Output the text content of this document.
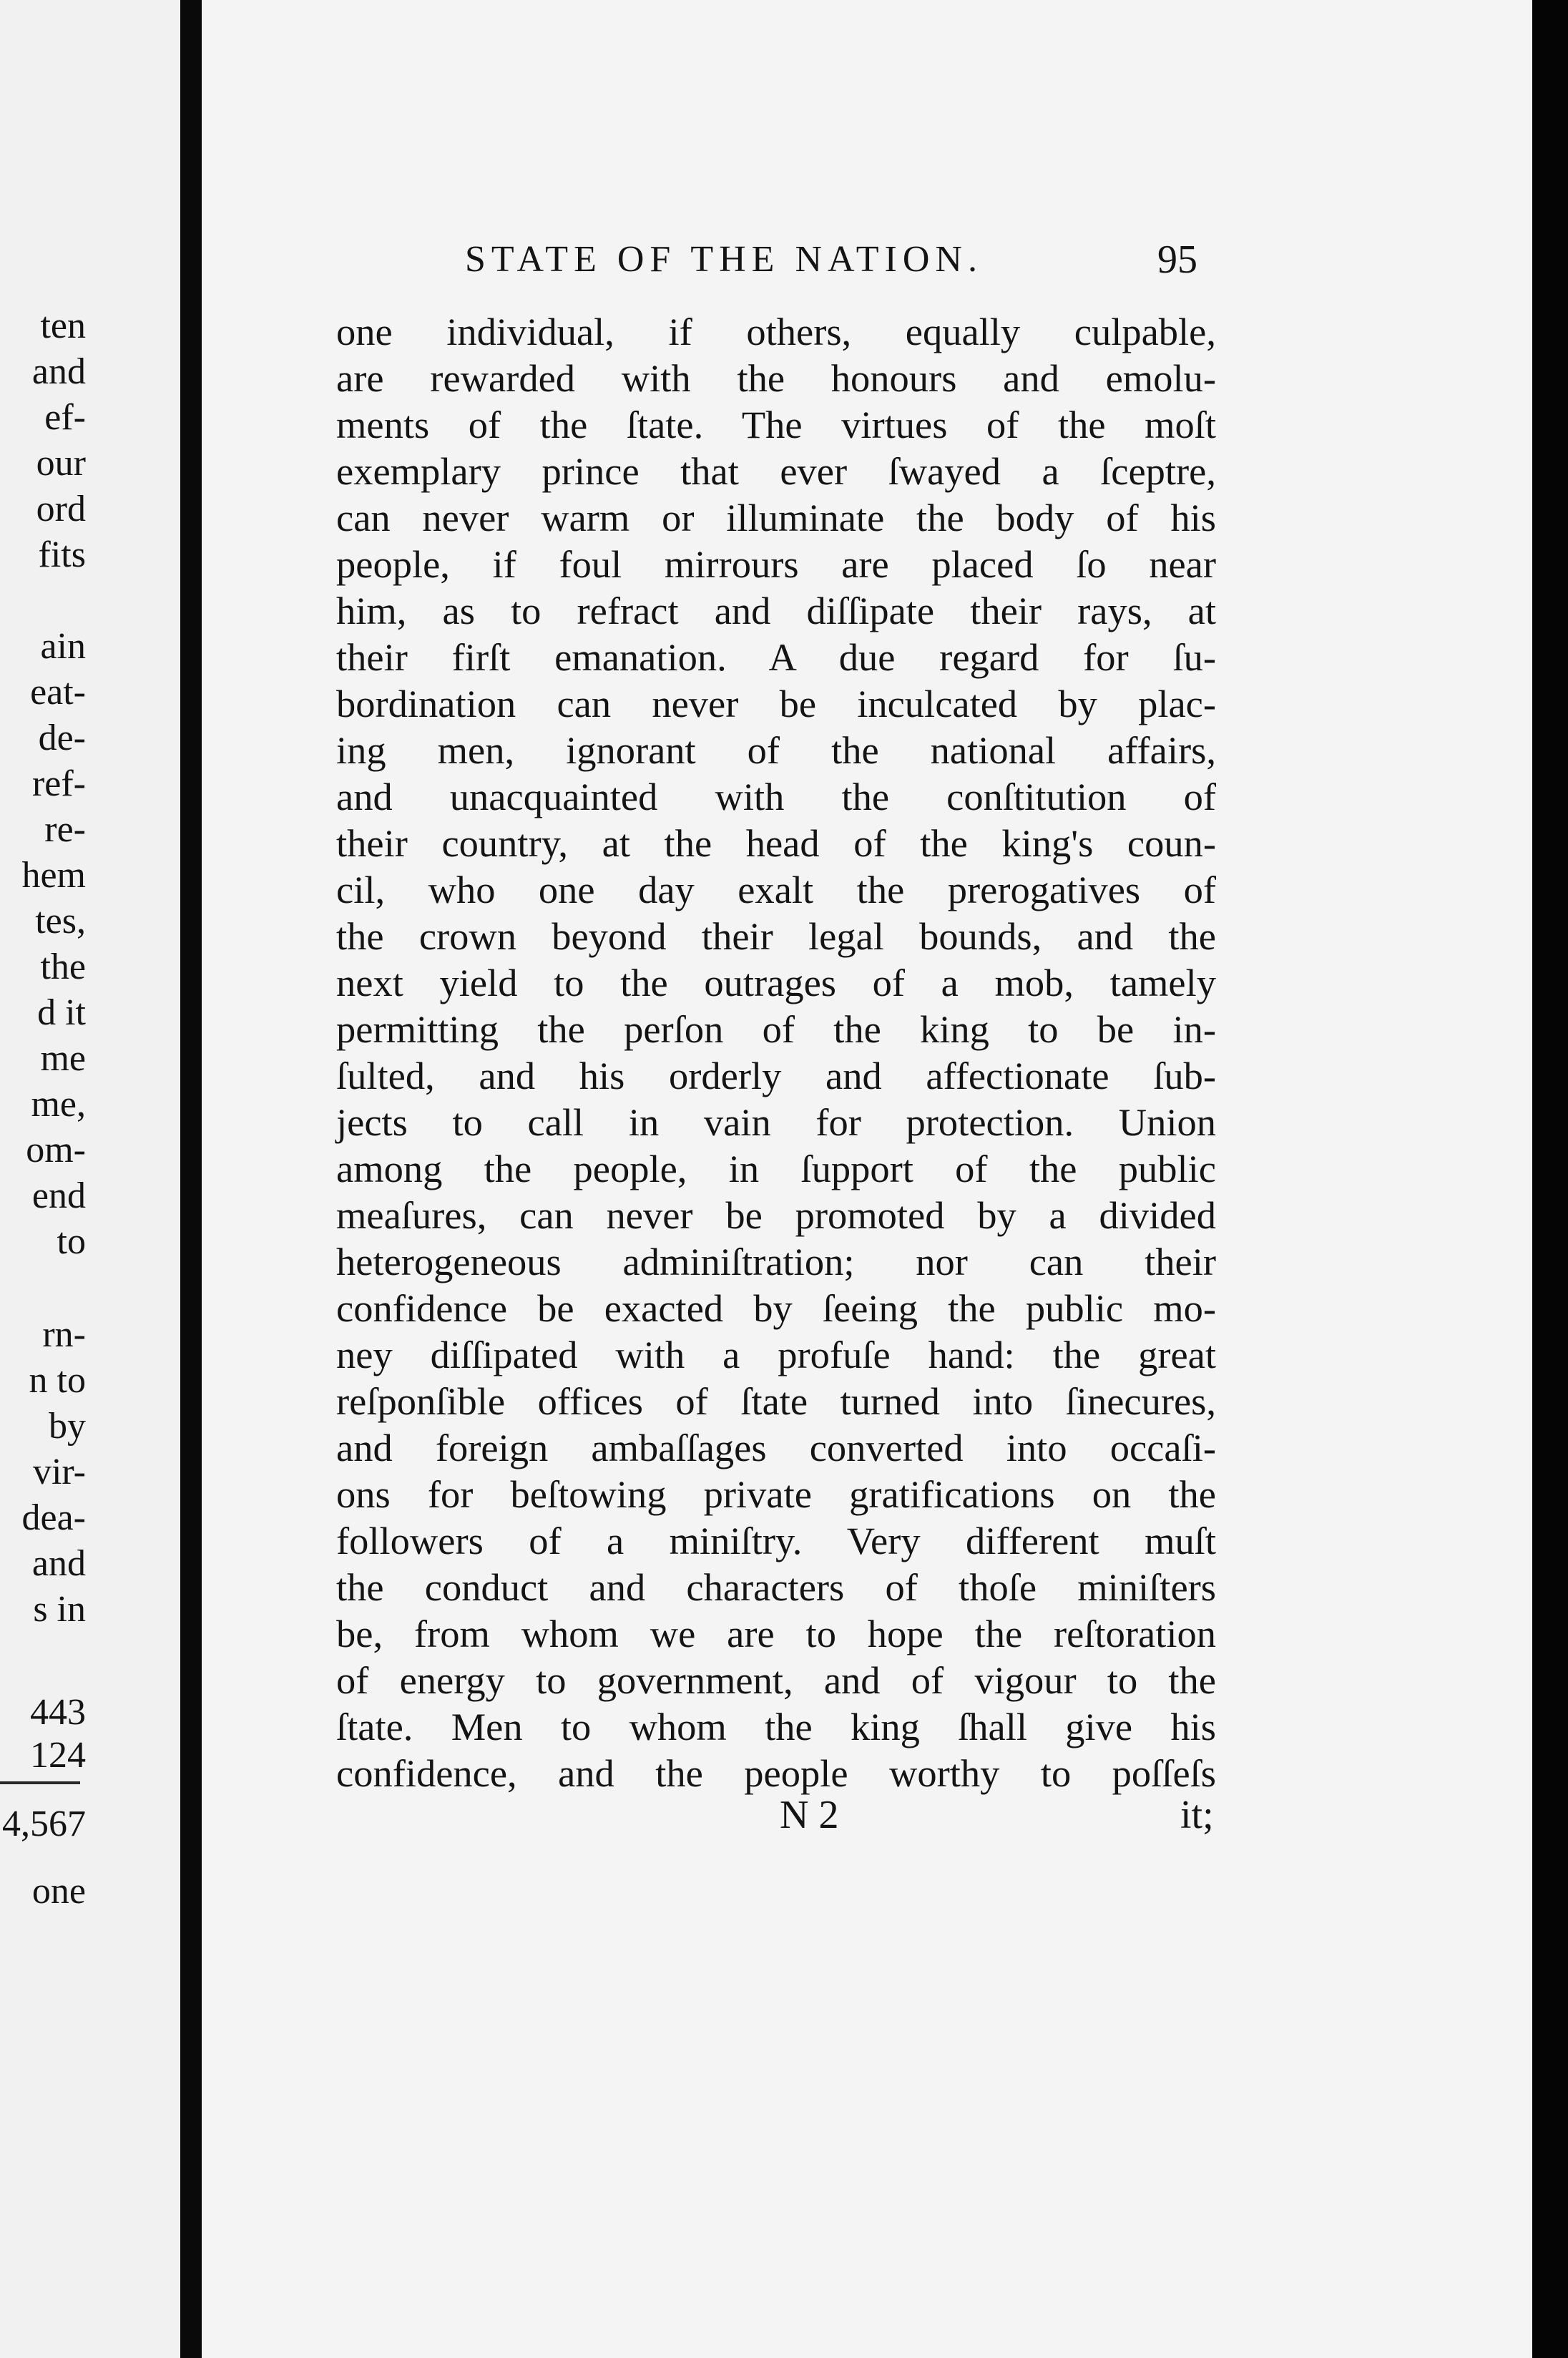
ten
and
ef-
our
ord
fits
ain
eat-
de-
ref-
re-
hem
tes,
the
d it
me
me,
om-
end
to
rn-
n to
by
vir-
dea-
and
s in
443
124
4,567
one
STATE OF THE NATION.	95
one individual, if others, equally culpable,
are rewarded with the honours and emolu-
ments of the ſtate. The virtues of the moſt
exemplary prince that ever ſwayed a ſceptre,
can never warm or illuminate the body of his
people, if foul mirrours are placed ſo near
him, as to refract and diſſipate their rays, at
their firſt emanation. A due regard for ſu-
bordination can never be inculcated by plac-
ing men, ignorant of the national affairs,
and unacquainted with the conſtitution of
their country, at the head of the king's coun-
cil, who one day exalt the prerogatives of
the crown beyond their legal bounds, and the
next yield to the outrages of a mob, tamely
permitting the perſon of the king to be in-
ſulted, and his orderly and affectionate ſub-
jects to call in vain for protection. Union
among the people, in ſupport of the public
meaſures, can never be promoted by a divided
heterogeneous adminiſtration; nor can their
confidence be exacted by ſeeing the public mo-
ney diſſipated with a profuſe hand: the great
reſponſible offices of ſtate turned into ſinecures,
and foreign ambaſſages converted into occaſi-
ons for beſtowing private gratifications on the
followers of a miniſtry. Very different muſt
the conduct and characters of thoſe miniſters
be, from whom we are to hope the reſtoration
of energy to government, and of vigour to the
ſtate. Men to whom the king ſhall give his
confidence, and the people worthy to poſſeſs
N 2	it;
